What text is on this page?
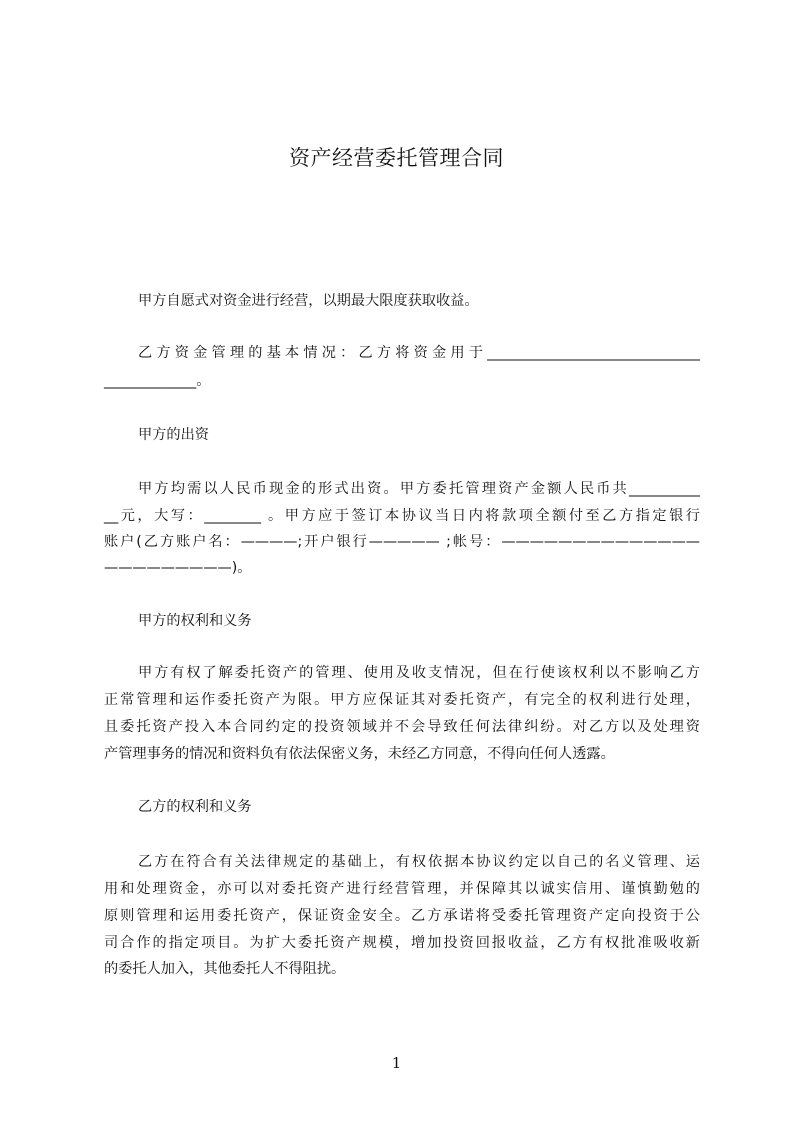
资产经营委托管理合同
甲方自愿式对资金进行经营，以期最大限度获取收益。
乙方资金管理的基本情况：乙方将资金用于______________________________
_____________。
甲方的出资
甲方均需以人民币现金的形式出资。甲方委托管理资产金额人民币共__________
__元，大写：________ 。甲方应于签订本协议当日内将款项全额付至乙方指定银行
账户(乙方账户名：————;开户银行————— ;帐号：——————————————
—————————)。
甲方的权利和义务
甲方有权了解委托资产的管理、使用及收支情况，但在行使该权利以不影响乙方
正常管理和运作委托资产为限。甲方应保证其对委托资产，有完全的权利进行处理，
且委托资产投入本合同约定的投资领域并不会导致任何法律纠纷。对乙方以及处理资
产管理事务的情况和资料负有依法保密义务，未经乙方同意，不得向任何人透露。
乙方的权利和义务
乙方在符合有关法律规定的基础上，有权依据本协议约定以自己的名义管理、运
用和处理资金，亦可以对委托资产进行经营管理，并保障其以诚实信用、谨慎勤勉的
原则管理和运用委托资产，保证资金安全。乙方承诺将受委托管理资产定向投资于公
司合作的指定项目。为扩大委托资产规模，增加投资回报收益，乙方有权批准吸收新
的委托人加入，其他委托人不得阻扰。
1
